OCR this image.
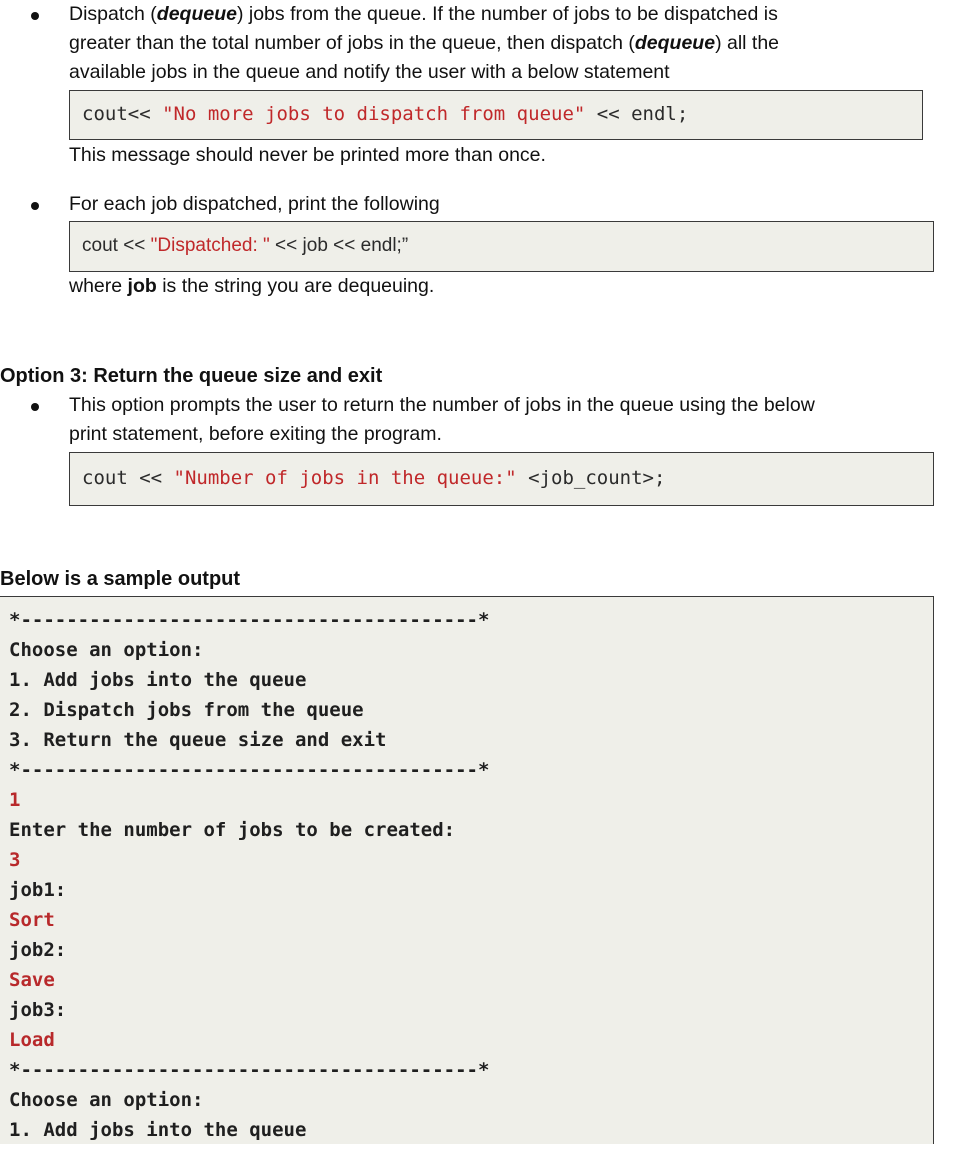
Dispatch (dequeue) jobs from the queue. If the number of jobs to be dispatched is
greater than the total number of jobs in the queue, then dispatch (dequeue) all the
available jobs in the queue and notify the user with a below statement
cout<< "No more jobs to dispatch from queue" << endl;
This message should never be printed more than once.
For each job dispatched, print the following
cout << "Dispatched: " << job << endl;”
where job is the string you are dequeuing.
Option 3: Return the queue size and exit
This option prompts the user to return the number of jobs in the queue using the below
print statement, before exiting the program.
cout << "Number of jobs in the queue:" <job_count>;
Below is a sample output
*----------------------------------------*
Choose an option:
1. Add jobs into the queue
2. Dispatch jobs from the queue
3. Return the queue size and exit
*----------------------------------------*
1
Enter the number of jobs to be created:
3
job1:
Sort
job2:
Save
job3:
Load
*----------------------------------------*
Choose an option:
1. Add jobs into the queue
